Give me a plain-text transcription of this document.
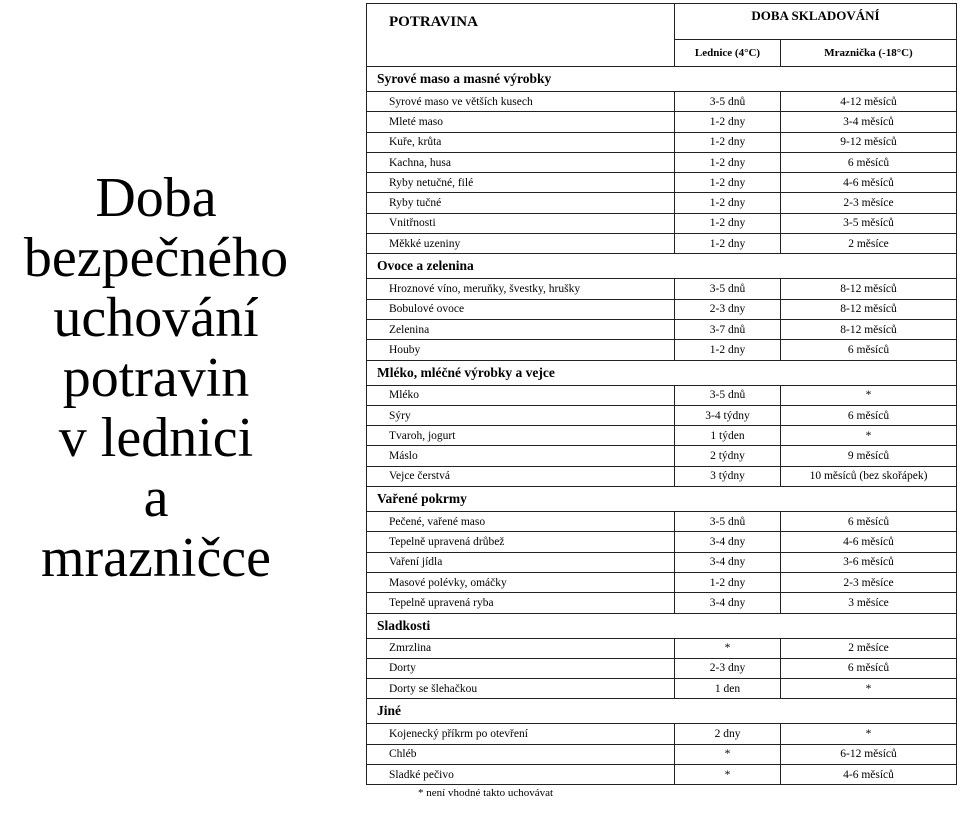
Doba
bezpečného
uchování
potravin
v lednici
a
mrazničce
POTRAVINA	DOBA SKLADOVÁNÍ	
	Lednice (4°C)	Mraznička (-18°C)
Syrové maso a masné výrobky		
Syrové maso ve větších kusech	3-5 dnů	4-12 měsíců
Mleté maso	1-2 dny	3-4 měsíců
Kuře, krůta	1-2 dny	9-12 měsíců
Kachna, husa	1-2 dny	6 měsíců
Ryby netučné, filé	1-2 dny	4-6 měsíců
Ryby tučné	1-2 dny	2-3 měsíce
Vnitřnosti	1-2 dny	3-5 měsíců
Měkké uzeniny	1-2 dny	2 měsíce
Ovoce a zelenina		
Hroznové víno, meruňky, švestky, hrušky	3-5 dnů	8-12 měsíců
Bobulové ovoce	2-3 dny	8-12 měsíců
Zelenina	3-7 dnů	8-12 měsíců
Houby	1-2 dny	6 měsíců
Mléko, mléčné výrobky a vejce		
Mléko	3-5 dnů	*
Sýry	3-4 týdny	6 měsíců
Tvaroh, jogurt	1 týden	*
Máslo	2 týdny	9 měsíců
Vejce čerstvá	3 týdny	10 měsíců (bez skořápek)
Vařené pokrmy		
Pečené, vařené maso	3-5 dnů	6 měsíců
Tepelně upravená drůbež	3-4 dny	4-6 měsíců
Vaření jídla	3-4 dny	3-6 měsíců
Masové polévky, omáčky	1-2 dny	2-3 měsíce
Tepelně upravená ryba	3-4 dny	3 měsíce
Sladkosti		
Zmrzlina	*	2 měsíce
Dorty	2-3 dny	6 měsíců
Dorty se šlehačkou	1 den	*
Jiné		
Kojenecký příkrm po otevření	2 dny	*
Chléb	*	6-12 měsíců
Sladké pečivo	*	4-6 měsíců
* není vhodné takto uchovávat
